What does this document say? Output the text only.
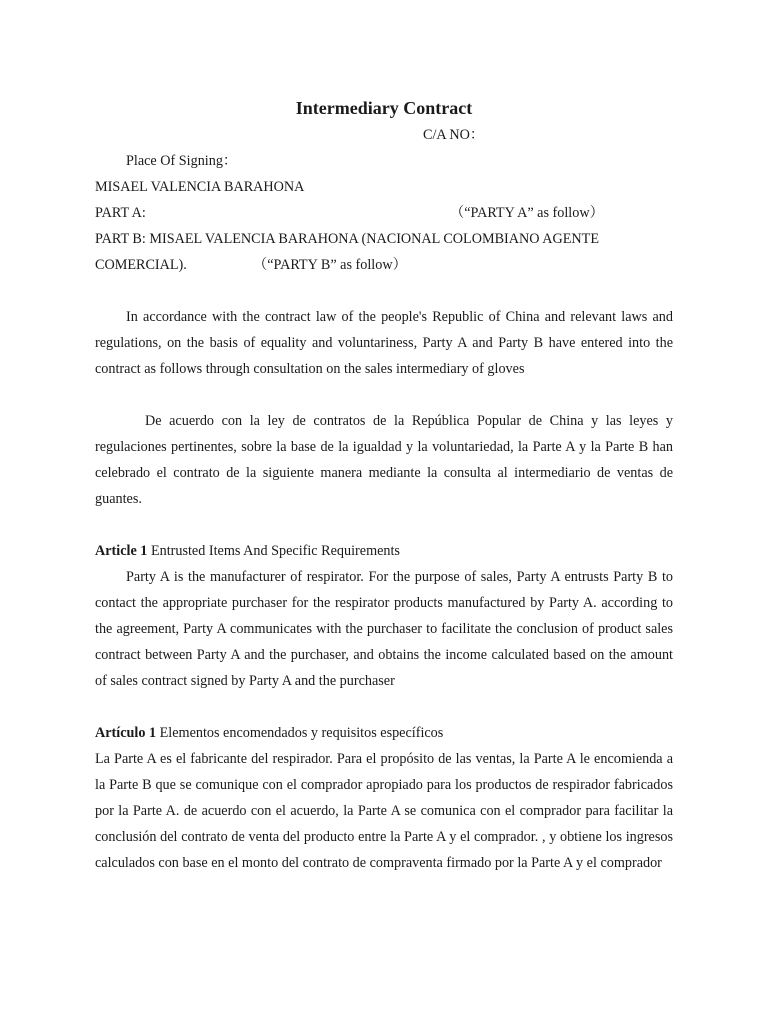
Intermediary Contract
C/A NO：
Place Of Signing：
MISAEL VALENCIA BARAHONA
PART A:	（“PARTY A” as follow）
PART B: MISAEL VALENCIA BARAHONA (NACIONAL COLOMBIANO AGENTE
COMERCIAL).	（“PARTY B” as follow）

In accordance with the contract law of the people's Republic of China and relevant laws and regulations, on the basis of equality and voluntariness, Party A and Party B have entered into the contract as follows through consultation on the sales intermediary of gloves

De acuerdo con la ley de contratos de la República Popular de China y las leyes y regulaciones pertinentes, sobre la base de la igualdad y la voluntariedad, la Parte A y la Parte B han celebrado el contrato de la siguiente manera mediante la consulta al intermediario de ventas de guantes.

Article 1 Entrusted Items And Specific Requirements

Party A is the manufacturer of respirator. For the purpose of sales, Party A entrusts Party B to contact the appropriate purchaser for the respirator products manufactured by Party A. according to the agreement, Party A communicates with the purchaser to facilitate the conclusion of product sales contract between Party A and the purchaser, and obtains the income calculated based on the amount of sales contract signed by Party A and the purchaser

Artículo 1 Elementos encomendados y requisitos específicos

La Parte A es el fabricante del respirador. Para el propósito de las ventas, la Parte A le encomienda a la Parte B que se comunique con el comprador apropiado para los productos de respirador fabricados por la Parte A. de acuerdo con el acuerdo, la Parte A se comunica con el comprador para facilitar la conclusión del contrato de venta del producto entre la Parte A y el comprador. , y obtiene los ingresos calculados con base en el monto del contrato de compraventa firmado por la Parte A y el comprador
